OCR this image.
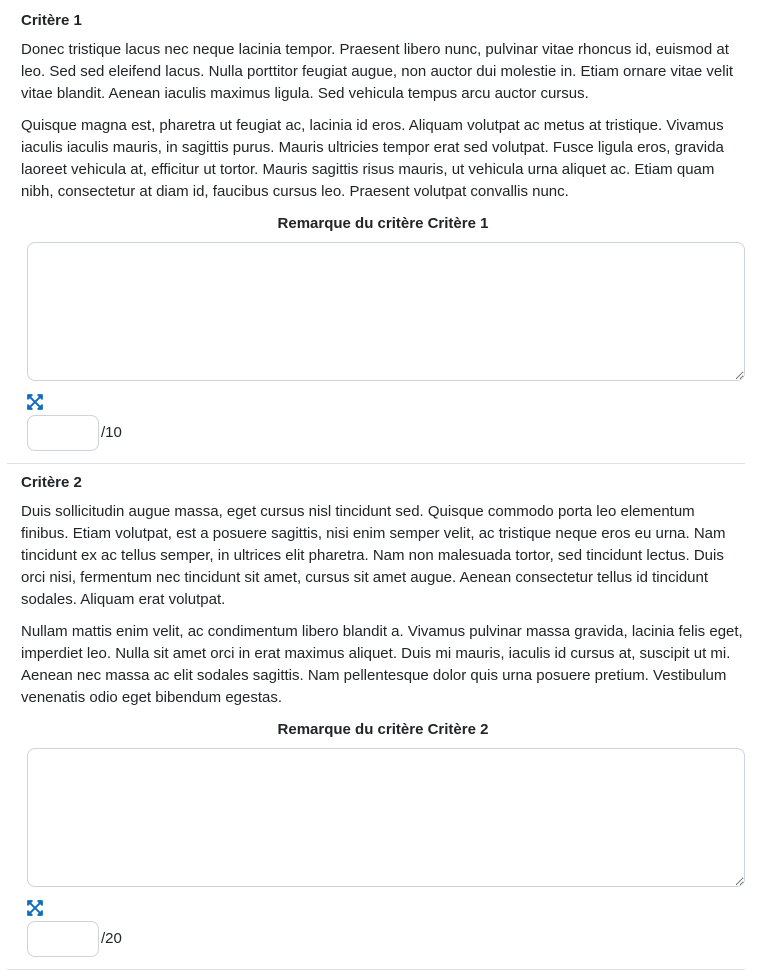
Critère 1

Donec tristique lacus nec neque lacinia tempor. Praesent libero nunc, pulvinar vitae rhoncus id, euismod at leo. Sed sed eleifend lacus. Nulla porttitor feugiat augue, non auctor dui molestie in. Etiam ornare vitae velit vitae blandit. Aenean iaculis maximus ligula. Sed vehicula tempus arcu auctor cursus.

Quisque magna est, pharetra ut feugiat ac, lacinia id eros. Aliquam volutpat ac metus at tristique. Vivamus iaculis iaculis mauris, in sagittis purus. Mauris ultricies tempor erat sed volutpat. Fusce ligula eros, gravida laoreet vehicula at, efficitur ut tortor. Mauris sagittis risus mauris, ut vehicula urna aliquet ac. Etiam quam nibh, consectetur at diam id, faucibus cursus leo. Praesent volutpat convallis nunc.

Remarque du critère Critère 1
/10
Critère 2

Duis sollicitudin augue massa, eget cursus nisl tincidunt sed. Quisque commodo porta leo elementum finibus. Etiam volutpat, est a posuere sagittis, nisi enim semper velit, ac tristique neque eros eu urna. Nam tincidunt ex ac tellus semper, in ultrices elit pharetra. Nam non malesuada tortor, sed tincidunt lectus. Duis orci nisi, fermentum nec tincidunt sit amet, cursus sit amet augue. Aenean consectetur tellus id tincidunt sodales. Aliquam erat volutpat.

Nullam mattis enim velit, ac condimentum libero blandit a. Vivamus pulvinar massa gravida, lacinia felis eget, imperdiet leo. Nulla sit amet orci in erat maximus aliquet. Duis mi mauris, iaculis id cursus at, suscipit ut mi. Aenean nec massa ac elit sodales sagittis. Nam pellentesque dolor quis urna posuere pretium. Vestibulum venenatis odio eget bibendum egestas.

Remarque du critère Critère 2
/20
